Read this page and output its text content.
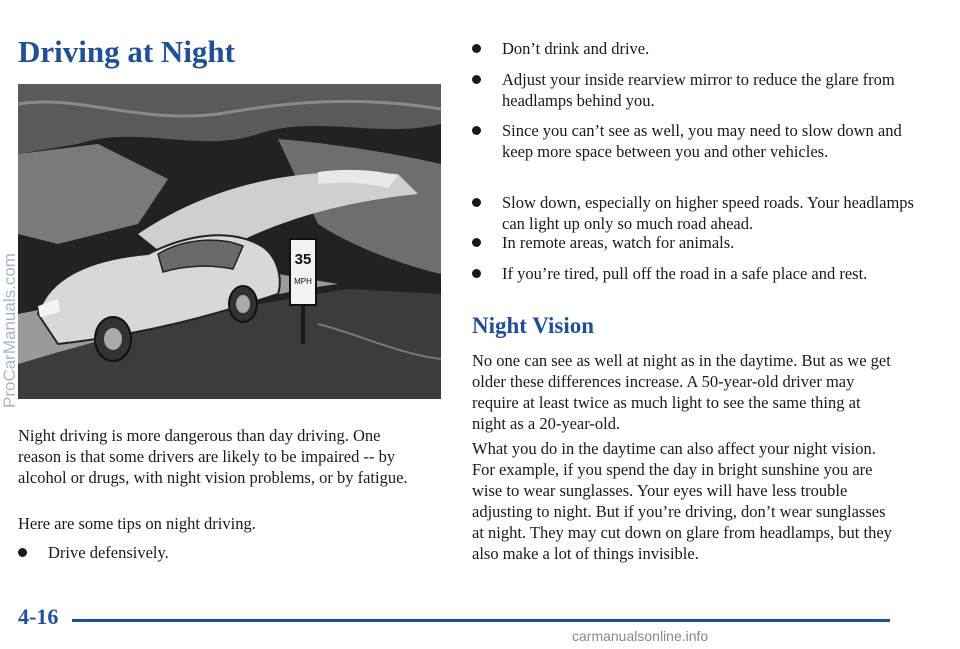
Driving at Night
35
MPH
ProCarManuals.com

Night driving is more dangerous than day driving. One reason is that some drivers are likely to be impaired -- by alcohol or drugs, with night vision problems, or by fatigue.

Here are some tips on night driving.

Drive defensively.
Don’t drink and drive.
Adjust your inside rearview mirror to reduce the glare from headlamps behind you.
Since you can’t see as well, you may need to slow down and keep more space between you and other vehicles.
Slow down, especially on higher speed roads. Your headlamps can light up only so much road ahead.
In remote areas, watch for animals.
If you’re tired, pull off the road in a safe place and rest.
Night Vision

No one can see as well at night as in the daytime. But as we get older these differences increase. A 50-year-old driver may require at least twice as much light to see the same thing at night as a 20-year-old.

What you do in the daytime can also affect your night vision. For example, if you spend the day in bright sunshine you are wise to wear sunglasses. Your eyes will have less trouble adjusting to night. But if you’re driving, don’t wear sunglasses at night. They may cut down on glare from headlamps, but they also make a lot of things invisible.

4-16

carmanualsonline.info
